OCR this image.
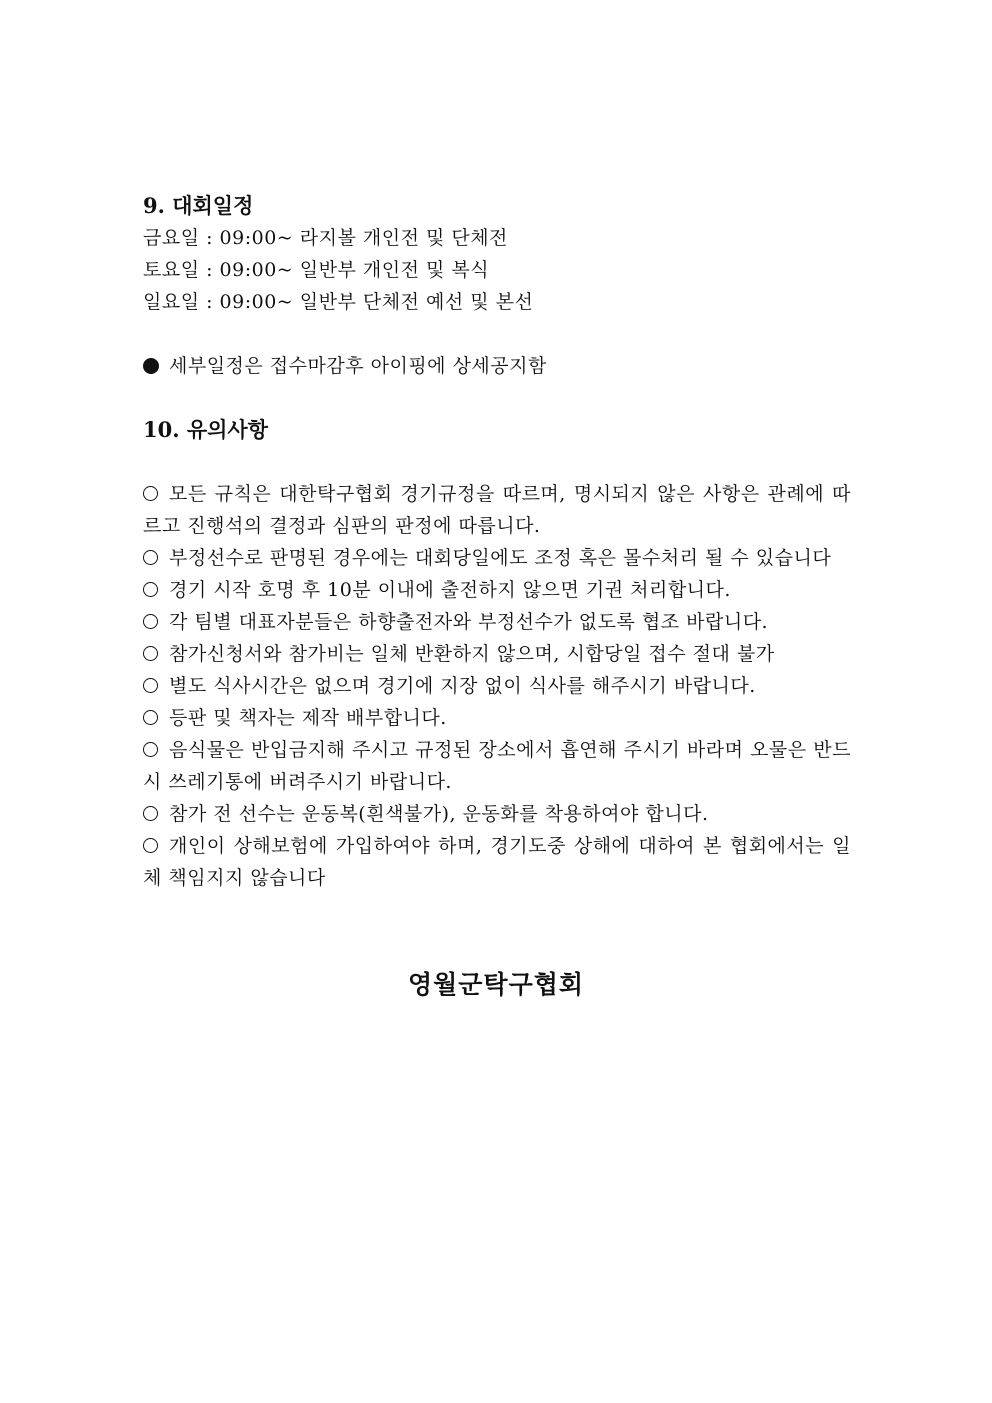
9. 대회일정

금요일 : 09:00~ 라지볼 개인전 및 단체전

토요일 : 09:00~ 일반부 개인전 및 복식

일요일 : 09:00~ 일반부 단체전 예선 및 본선

세부일정은 접수마감후 아이핑에 상세공지함

10. 유의사항

모든 규칙은 대한탁구협회 경기규정을 따르며, 명시되지 않은 사항은 관례에 따르고 진행석의 결정과 심판의 판정에 따릅니다.

부정선수로 판명된 경우에는 대회당일에도 조정 혹은 몰수처리 될 수 있습니다

경기 시작 호명 후 10분 이내에 출전하지 않으면 기권 처리합니다.

각 팀별 대표자분들은 하향출전자와 부정선수가 없도록 협조 바랍니다.

참가신청서와 참가비는 일체 반환하지 않으며, 시합당일 접수 절대 불가

별도 식사시간은 없으며 경기에 지장 없이 식사를 해주시기 바랍니다.

등판 및 책자는 제작 배부합니다.

음식물은 반입금지해 주시고 규정된 장소에서 흡연해 주시기 바라며 오물은 반드시 쓰레기통에 버려주시기 바랍니다.

참가 전 선수는 운동복(흰색불가), 운동화를 착용하여야 합니다.

개인이 상해보험에 가입하여야 하며, 경기도중 상해에 대하여 본 협회에서는 일체 책임지지 않습니다

영월군탁구협회
